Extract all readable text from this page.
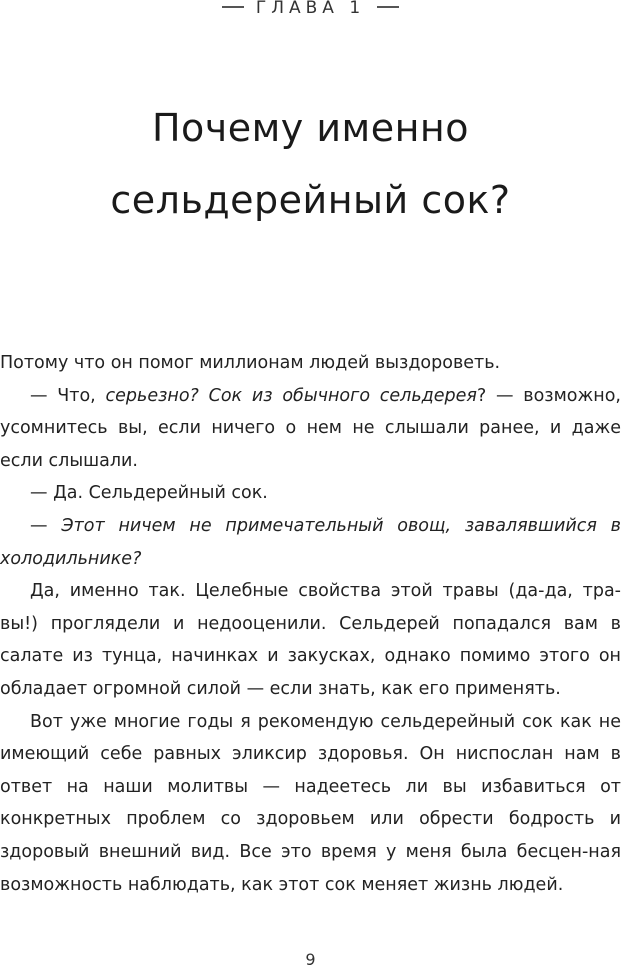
ГЛАВА 1
Почему именно
сельдерейный сок?

Потому что он помог миллионам людей выздороветь.

— Что, серьезно? Сок из обычного сельдерея? — возможно, усомнитесь вы, если ничего о нем не слышали ранее, и даже если слышали.

— Да. Сельдерейный сок.

— Этот ничем не примечательный овощ, завалявшийся в холодильнике?

Да, именно так. Целебные свойства этой травы (да-да, тра-вы!) проглядели и недооценили. Сельдерей попадался вам в салате из тунца, начинках и закусках, однако помимо этого он обладает огромной силой — если знать, как его применять.

Вот уже многие годы я рекомендую сельдерейный сок как не имеющий себе равных эликсир здоровья. Он ниспослан нам в ответ на наши молитвы — надеетесь ли вы избавиться от конкретных проблем со здоровьем или обрести бодрость и здоровый внешний вид. Все это время у меня была бесцен-ная возможность наблюдать, как этот сок меняет жизнь людей.

9
